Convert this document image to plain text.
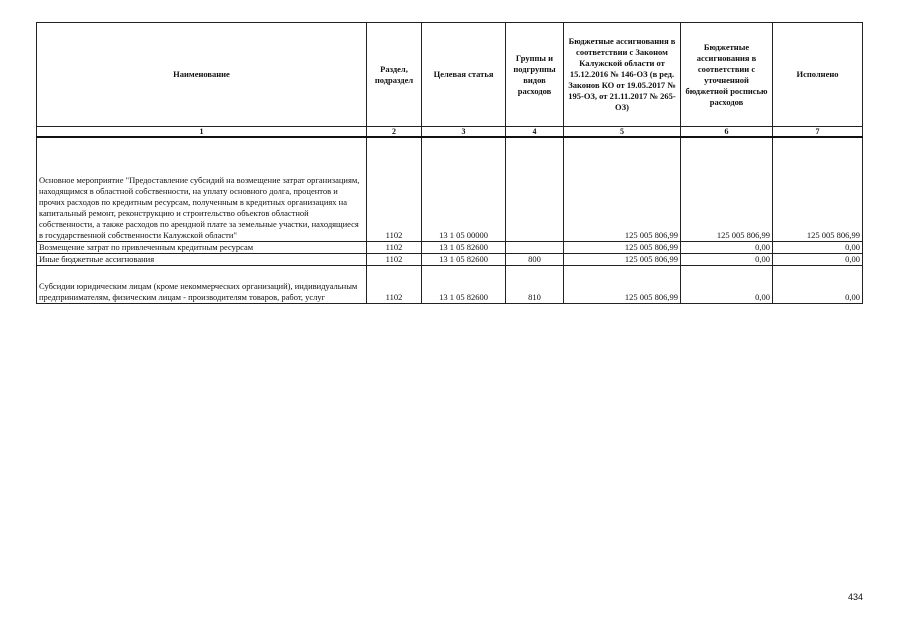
Наименование	Раздел, подраздел	Целевая статья	Группы и подгруппы видов расходов	Бюджетные ассигнования в соответствии с Законом Калужской области от 15.12.2016 № 146-ОЗ (в ред. Законов КО от 19.05.2017 № 195-ОЗ, от 21.11.2017 № 265-ОЗ)	Бюджетные ассигнования в соответствии с уточненной бюджетной росписью расходов	Исполнено
1	2	3	4	5	6	7
Основное мероприятие "Предоставление субсидий на возмещение затрат организациям, находящимся в областной собственности, на уплату основного долга, процентов и прочих расходов по кредитным ресурсам, полученным в кредитных организациях на капитальный ремонт, реконструкцию и строительство объектов областной собственности, а также расходов по арендной плате за земельные участки, находящиеся в государственной собственности Калужской области"	1102	13 1 05 00000		125 005 806,99	125 005 806,99	125 005 806,99
Возмещение затрат по привлеченным кредитным ресурсам	1102	13 1 05 82600		125 005 806,99	0,00	0,00
Иные бюджетные ассигнования	1102	13 1 05 82600	800	125 005 806,99	0,00	0,00
Субсидии юридическим лицам (кроме некоммерческих организаций), индивидуальным предпринимателям, физическим лицам - производителям товаров, работ, услуг	1102	13 1 05 82600	810	125 005 806,99	0,00	0,00
434
